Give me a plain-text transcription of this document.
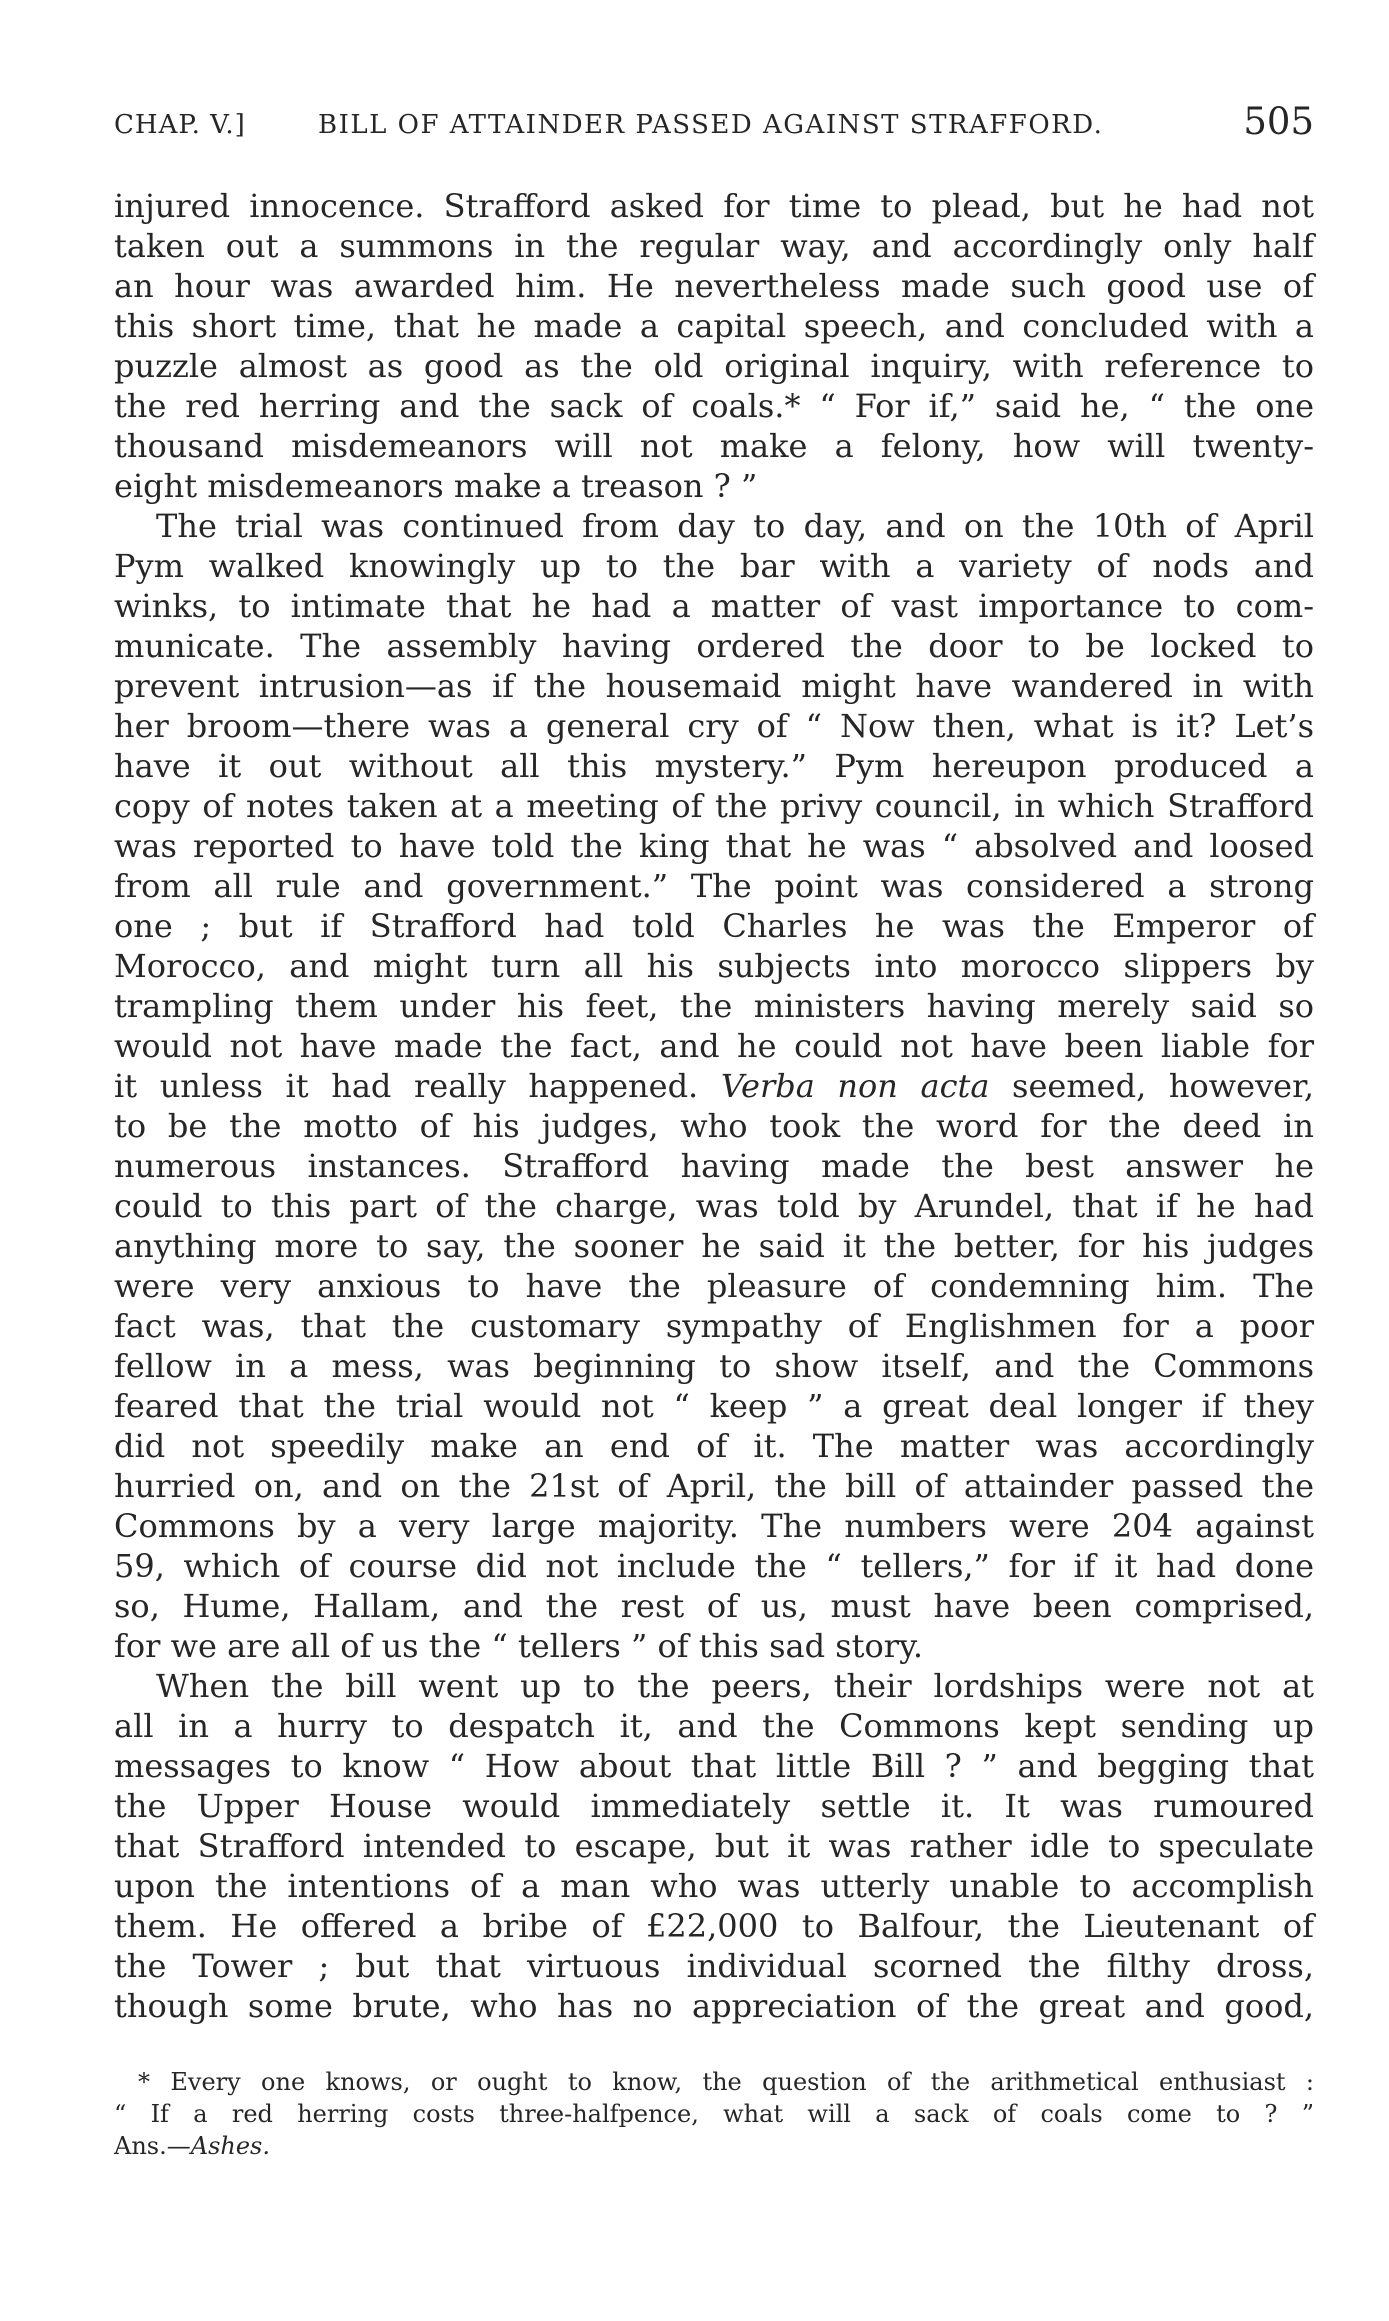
CHAP. V.]	BILL OF ATTAINDER PASSED AGAINST STRAFFORD.	505
injured innocence. Strafford asked for time to plead, but he had not
taken out a summons in the regular way, and accordingly only half
an hour was awarded him. He nevertheless made such good use of
this short time, that he made a capital speech, and concluded with a
puzzle almost as good as the old original inquiry, with reference to
the red herring and the sack of coals.* “ For if,” said he, “ the one
thousand misdemeanors will not make a felony, how will twenty-
eight misdemeanors make a treason ? ”
The trial was continued from day to day, and on the 10th of April
Pym walked knowingly up to the bar with a variety of nods and
winks, to intimate that he had a matter of vast importance to com-
municate. The assembly having ordered the door to be locked to
prevent intrusion—as if the housemaid might have wandered in with
her broom—there was a general cry of “ Now then, what is it? Let’s
have it out without all this mystery.” Pym hereupon produced a
copy of notes taken at a meeting of the privy council, in which Strafford
was reported to have told the king that he was “ absolved and loosed
from all rule and government.” The point was considered a strong
one ; but if Strafford had told Charles he was the Emperor of
Morocco, and might turn all his subjects into morocco slippers by
trampling them under his feet, the ministers having merely said so
would not have made the fact, and he could not have been liable for
it unless it had really happened. Verba non acta seemed, however,
to be the motto of his judges, who took the word for the deed in
numerous instances. Strafford having made the best answer he
could to this part of the charge, was told by Arundel, that if he had
anything more to say, the sooner he said it the better, for his judges
were very anxious to have the pleasure of condemning him. The
fact was, that the customary sympathy of Englishmen for a poor
fellow in a mess, was beginning to show itself, and the Commons
feared that the trial would not “ keep ” a great deal longer if they
did not speedily make an end of it. The matter was accordingly
hurried on, and on the 21st of April, the bill of attainder passed the
Commons by a very large majority. The numbers were 204 against
59, which of course did not include the “ tellers,” for if it had done
so, Hume, Hallam, and the rest of us, must have been comprised,
for we are all of us the “ tellers ” of this sad story.
When the bill went up to the peers, their lordships were not at
all in a hurry to despatch it, and the Commons kept sending up
messages to know “ How about that little Bill ? ” and begging that
the Upper House would immediately settle it. It was rumoured
that Strafford intended to escape, but it was rather idle to speculate
upon the intentions of a man who was utterly unable to accomplish
them. He offered a bribe of £22,000 to Balfour, the Lieutenant of
the Tower ; but that virtuous individual scorned the filthy dross,
though some brute, who has no appreciation of the great and good,
* Every one knows, or ought to know, the question of the arithmetical enthusiast :
“ If a red herring costs three-halfpence, what will a sack of coals come to ? ”
Ans.—Ashes.
